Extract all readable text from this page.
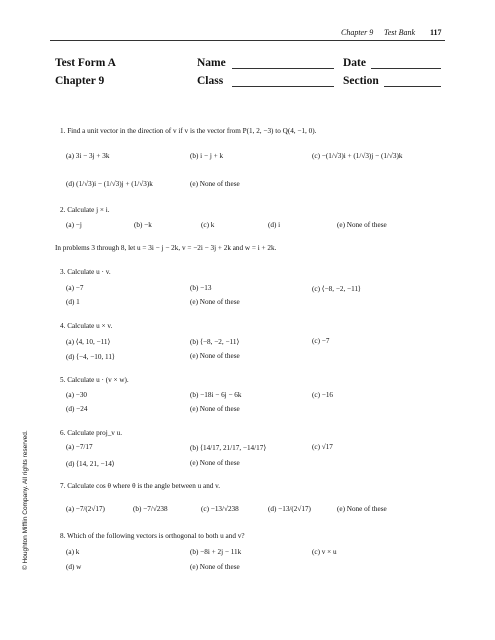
Chapter 9 Test Bank 117
Test Form A
Chapter 9
Name	Date
Class	Section
1. Find a unit vector in the direction of v if v is the vector from P(1, 2, −3) to Q(4, −1, 0).
(a) 3i − 3j + 3k	(b) i − j + k	(c) −(1/√3)i + (1/√3)j − (1/√3)k
(d) (1/√3)i − (1/√3)j + (1/√3)k	(e) None of these
2. Calculate j × i.
(a) −j	(b) −k	(c) k	(d) i	(e) None of these
In problems 3 through 8, let u = 3i − j − 2k, v = −2i − 3j + 2k and w = i + 2k.
3. Calculate u · v.
(a) −7	(b) −13	(c) ⟨−8, −2, −11⟩
(d) 1	(e) None of these
4. Calculate u × v.
(a) ⟨4, 10, −11⟩	(b) ⟨−8, −2, −11⟩	(c) −7
(d) ⟨−4, −10, 11⟩	(e) None of these
5. Calculate u · (v × w).
(a) −30	(b) −18i − 6j − 6k	(c) −16
(d) −24	(e) None of these
6. Calculate proj_v u.
(a) −7/17	(b) ⟨14/17, 21/17, −14/17⟩	(c) √17
(d) ⟨14, 21, −14⟩	(e) None of these
7. Calculate cos θ where θ is the angle between u and v.
(a) −7/(2√17)	(b) −7/√238	(c) −13/√238	(d) −13/(2√17)	(e) None of these
8. Which of the following vectors is orthogonal to both u and v?
(a) k	(b) −8i + 2j − 11k	(c) v × u
(d) w	(e) None of these
© Houghton Mifflin Company. All rights reserved.
